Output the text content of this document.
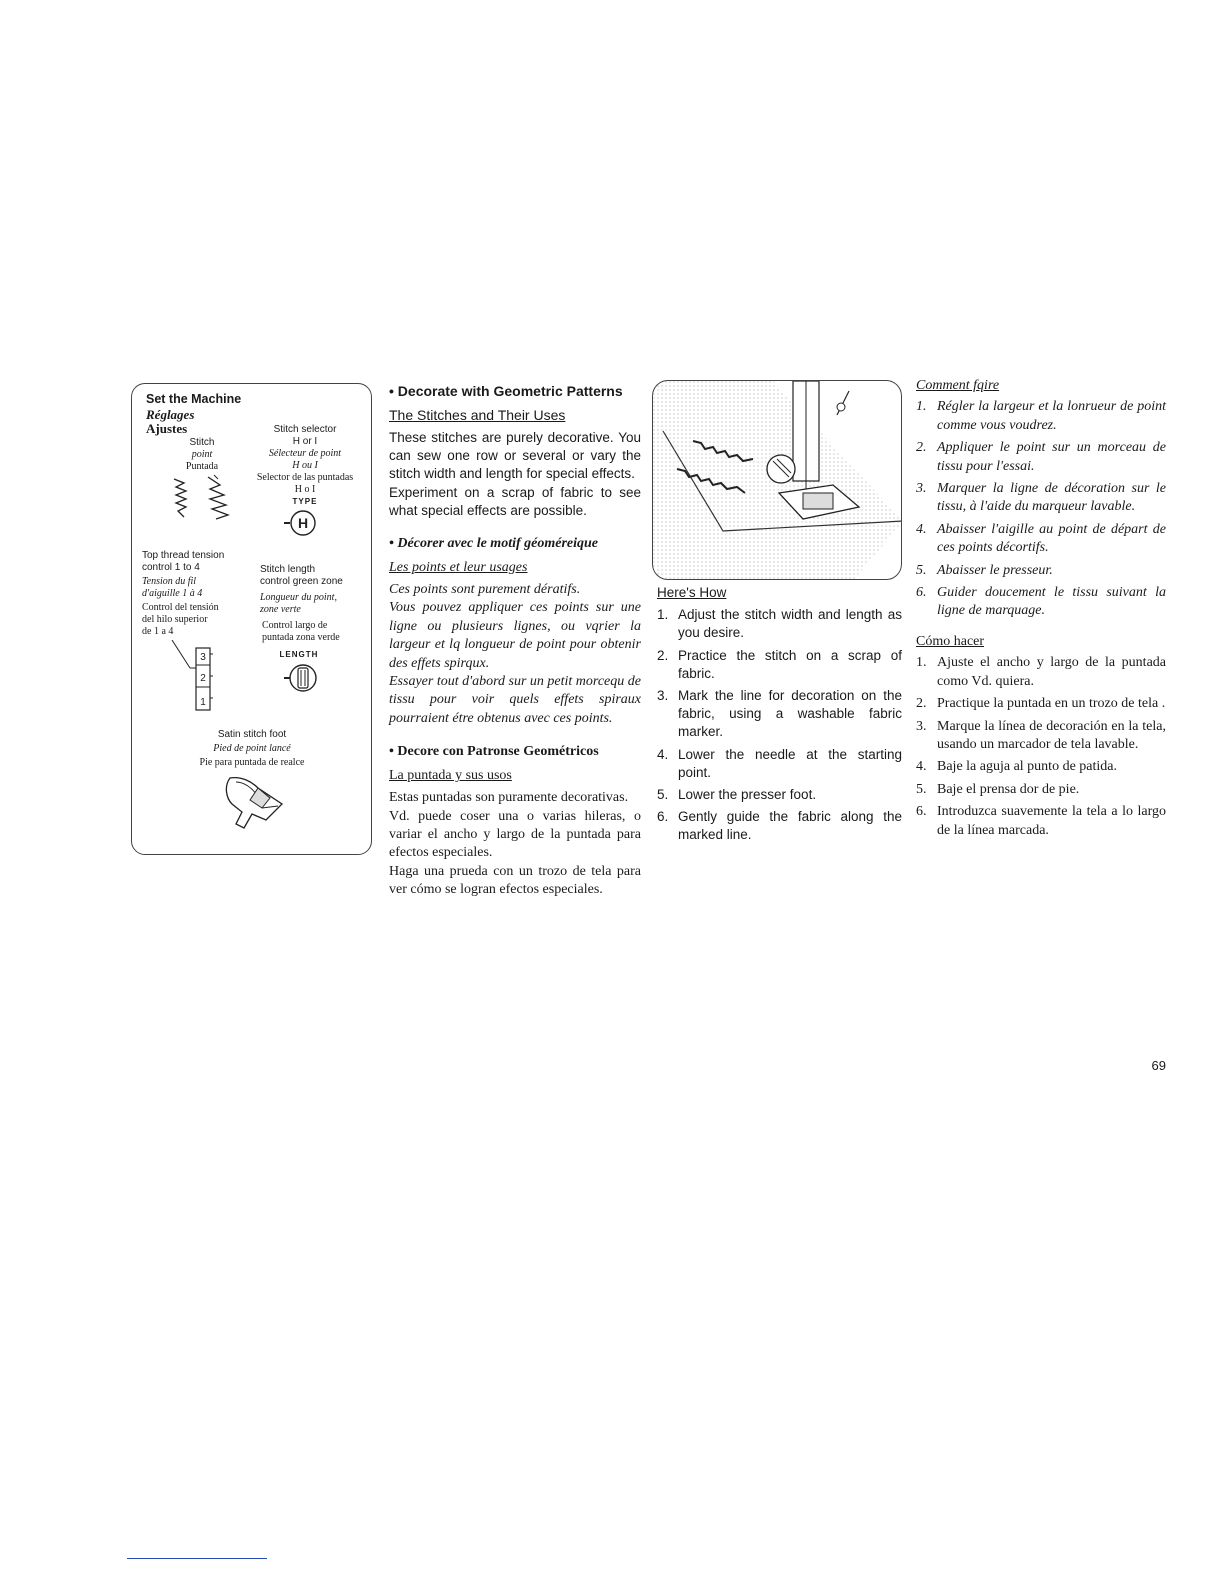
Set the Machine
Réglages
Ajustes
Stitch
point
Puntada
Stitch selector
H or I
Sélecteur de point
H ou I
Selector de las puntadas
H o I
TYPE
H
Top thread tension
control 1 to 4
Tension du fil
d'aiguille 1 à 4
Control del tensión
del hilo superior
de 1 a 4
3
2
1
Stitch length
control green zone
Longueur du point,
zone verte
Control largo de
puntada zona verde
LENGTH
Satin stitch foot
Pied de point lancé
Pie para puntada de realce

• Decorate with Geometric Patterns

The Stitches and Their Uses

These stitches are purely decorative. You can sew one row or several or vary the stitch width and length for special effects.

Experiment on a scrap of fabric to see what special effects are possible.

• Décorer avec le motif géoméreique

Les points et leur usages

Ces points sont purement dératifs.

Vous pouvez appliquer ces points sur une ligne ou plusieurs lignes, ou vqrier la largeur et lq longueur de point pour obtenir des effets spirqux.

Essayer tout d'abord sur un petit morcequ de tissu pour voir quels effets spiraux pourraient étre obtenus avec ces points.

• Decore con Patronse Geométricos

La puntada y sus usos

Estas puntadas son puramente decorativas.

Vd. puede coser una o varias hileras, o variar el ancho y largo de la puntada para efectos especiales.

Haga una prueda con un trozo de tela para ver cómo se logran efectos especiales.

Here's How

1. Adjust the stitch width and length as you desire.
2. Practice the stitch on a scrap of fabric.
3. Mark the line for decoration on the fabric, using a washable fabric marker.
4. Lower the needle at the starting point.
5. Lower the presser foot.
6. Gently guide the fabric along the marked line.

Comment fqire

1. Régler la largeur et la lonrueur de point comme vous voudrez.
2. Appliquer le point sur un morceau de tissu pour l'essai.
3. Marquer la ligne de décoration sur le tissu, à l'aide du marqueur lavable.
4. Abaisser l'aigille au point de départ de ces points décortifs.
5. Abaisser le presseur.
6. Guider doucement le tissu suivant la ligne de marquage.

Cómo hacer

1. Ajuste el ancho y largo de la puntada como Vd. quiera.
2. Practique la puntada en un trozo de tela .
3. Marque la línea de decoración en la tela, usando un marcador de tela lavable.
4. Baje la aguja al punto de patida.
5. Baje el prensa dor de pie.
6. Introduzca suavemente la tela a lo largo de la línea marcada.
69
